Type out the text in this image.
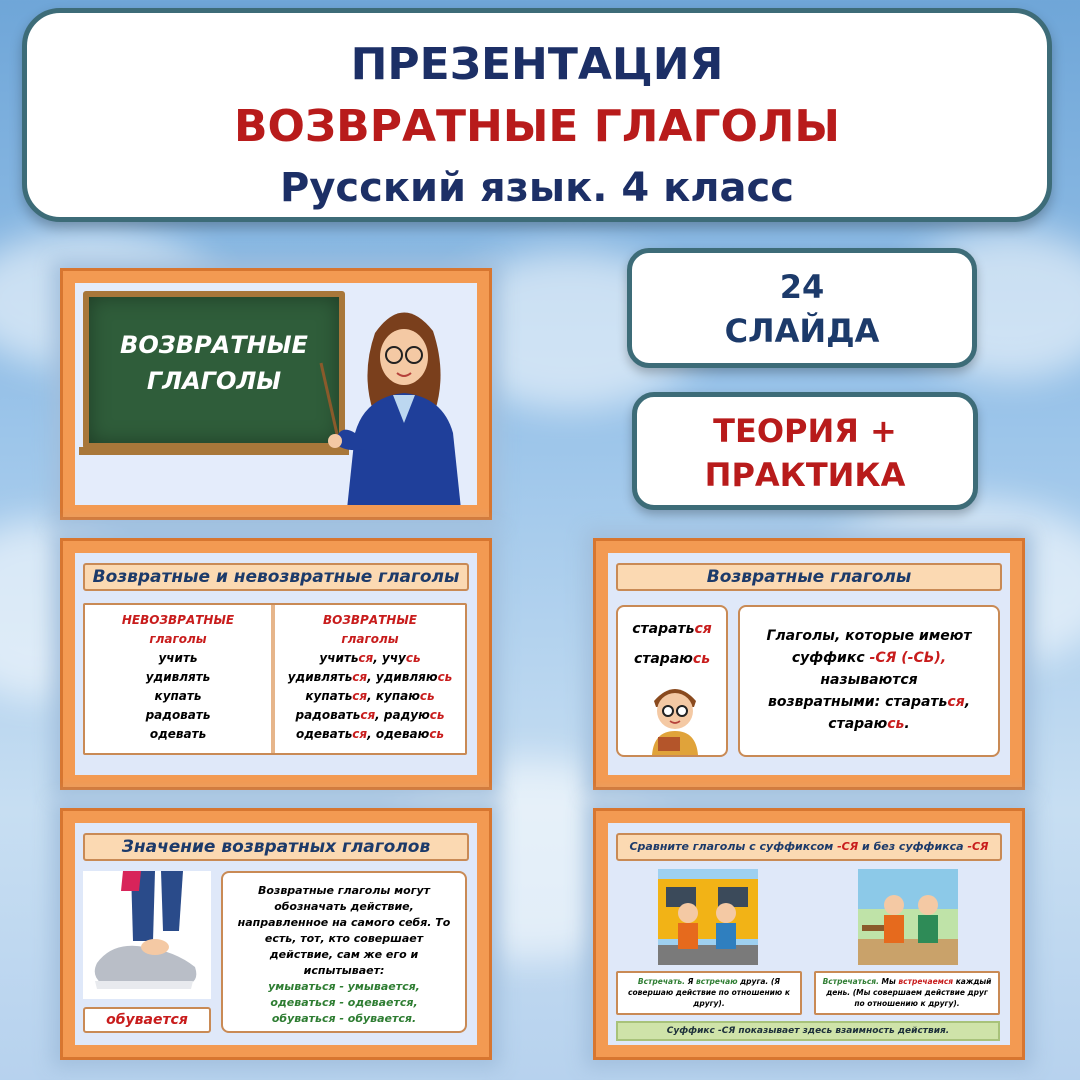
ПРЕЗЕНТАЦИЯ
ВОЗВРАТНЫЕ ГЛАГОЛЫ
Русский язык. 4 класс
24
СЛАЙДА
ТЕОРИЯ +
ПРАКТИКА
ВОЗВРАТНЫЕ
ГЛАГОЛЫ
Возвратные и невозвратные глаголы
НЕВОЗВРАТНЫЕ
глаголы
учить
удивлять
купать
радовать
одевать
ВОЗВРАТНЫЕ
глаголы
учиться, учусь
удивляться, удивляюсь
купаться, купаюсь
радоваться, радуюсь
одеваться, одеваюсь
Возвратные глаголы
стараться
стараюсь
Глаголы, которые имеют
суффикс -СЯ (-СЬ),
называются
возвратными: стараться,
стараюсь.
Значение возвратных глаголов
обувается
Возвратные глаголы могут обозначать действие, направленное на самого себя. То есть, тот, кто совершает действие, сам же его и испытывает:
умываться - умывается,
одеваться - одевается,
обуваться - обувается.
Сравните глаголы с суффиксом -СЯ и без суффикса -СЯ
Встречать. Я встречаю друга. (Я совершаю действие по отношению к другу).
Встречаться. Мы встречаемся каждый день. (Мы совершаем действие друг по отношению к другу).
Суффикс -СЯ показывает здесь взаимность действия.
